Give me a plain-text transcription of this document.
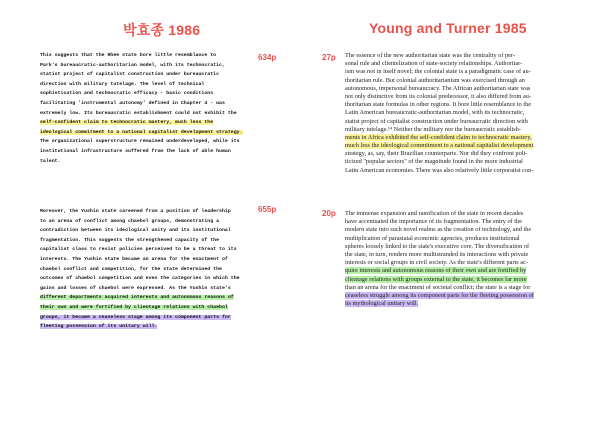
박효종 1986	Young and Turner 1985
634p
655p
27p
20p
This suggests that the Rhee state bore little resemblance to
Park's bureaucratic-authoritarian model, with its technocratic,
statist project of capitalist construction under bureaucratic
direction with military tutelage. The level of technical
sophistication and technocratic efficacy - basic conditions
facilitating 'instrumental autonomy' defined in Chapter 4 - was
extremely low. Its bureaucratic establishment could not exhibit the
self-confident claim to technocratic mastery, much less the
ideological commitment to a national capitalist development strategy.
The organizational superstructure remained underdeveloped, while its
institutional infrastructure suffered from the lack of able human
talent.
Moreover, the Yushin state careened from a position of leadership
to an arena of conflict among chaebol groups, demonstrating a
contradiction between its ideological unity and its institutional
fragmentation. This suggests the strengthened capacity of the
capitalist class to resist policies perceived to be a threat to its
interests. The Yushin state became an arena for the enactment of
chaebol conflict and competition, for the state determined the
outcomes of chaebol competition and even the categories in which the
gains and losses of chaebol were expressed. As the Yushin state's
different departments acquired interests and autonomous reasons of
their own and were fortified by clientage relations with chaebol
groups, it became a ceaseless stage among its component parts for
fleeting possession of its unitary will.
The essence of the new authoritarian state was the centrality of per-
sonal rule and clientelization of state-society relationships. Authoritar-
ism was not in itself novel; the colonial state is a paradigmatic case of au-
thoritarian rule. But colonial authoritarianism was exercised through an
autonomous, impersonal bureaucracy. The African authoritarian state was
not only distinctive from its colonial predecessor, it also differed from au-
thoritarian state formulas in other regions. It bore little resemblance to the
Latin American bureaucratic-authoritarian model, with its technocratic,
statist project of capitalist construction under bureaucratic direction with
military tutelage.¹⁴ Neither the military nor the bureaucratic establish-
ments in Africa exhibited the self-confident claim to technocratic mastery,
much less the ideological commitment to a national capitalist development
strategy, as, say, their Brazilian counterparts. Nor did they confront poli-
ticized "popular sectors" of the magnitude found in the more industrial
Latin American economies. There was also relatively little corporatist con-
The immense expansion and ramification of the state in recent decades
have accentuated the importance of its fragmentation. The entry of the
modern state into such novel realms as the creation of technology, and the
multiplication of parastatal economic agencies, produces institutional
spheres loosely linked to the state's executive core. The diversification of
the state, in turn, renders more multistranded its interactions with private
interests or social groups in civil society. As the state's different parts ac-
quire interests and autonomous reasons of their own and are fortified by
clientage relations with groups external to the state, it becomes far more
than an arena for the enactment of societal conflict; the state is a stage for
ceaseless struggle among its component parts for the fleeting possession of
its mythological unitary will.
